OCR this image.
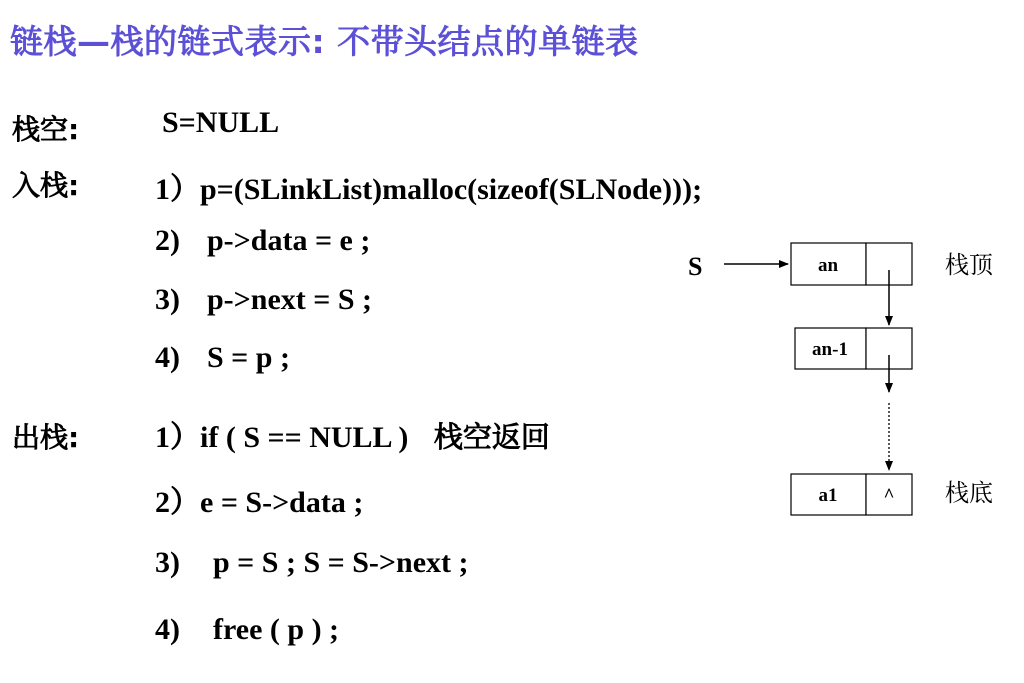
链栈—栈的链式表示: 不带头结点的单链表
栈空:	S=NULL
入栈:	1）p=(SLinkList)malloc(sizeof(SLNode)));
2) p->data = e ;
3) p->next = S ;
4) S = p ;
出栈:	1）if ( S == NULL ) 栈空返回
2）e = S->data ;
3) p = S ; S = S->next ;
4) free ( p ) ;
S	an
an-1
a1 ^
栈顶
栈底
